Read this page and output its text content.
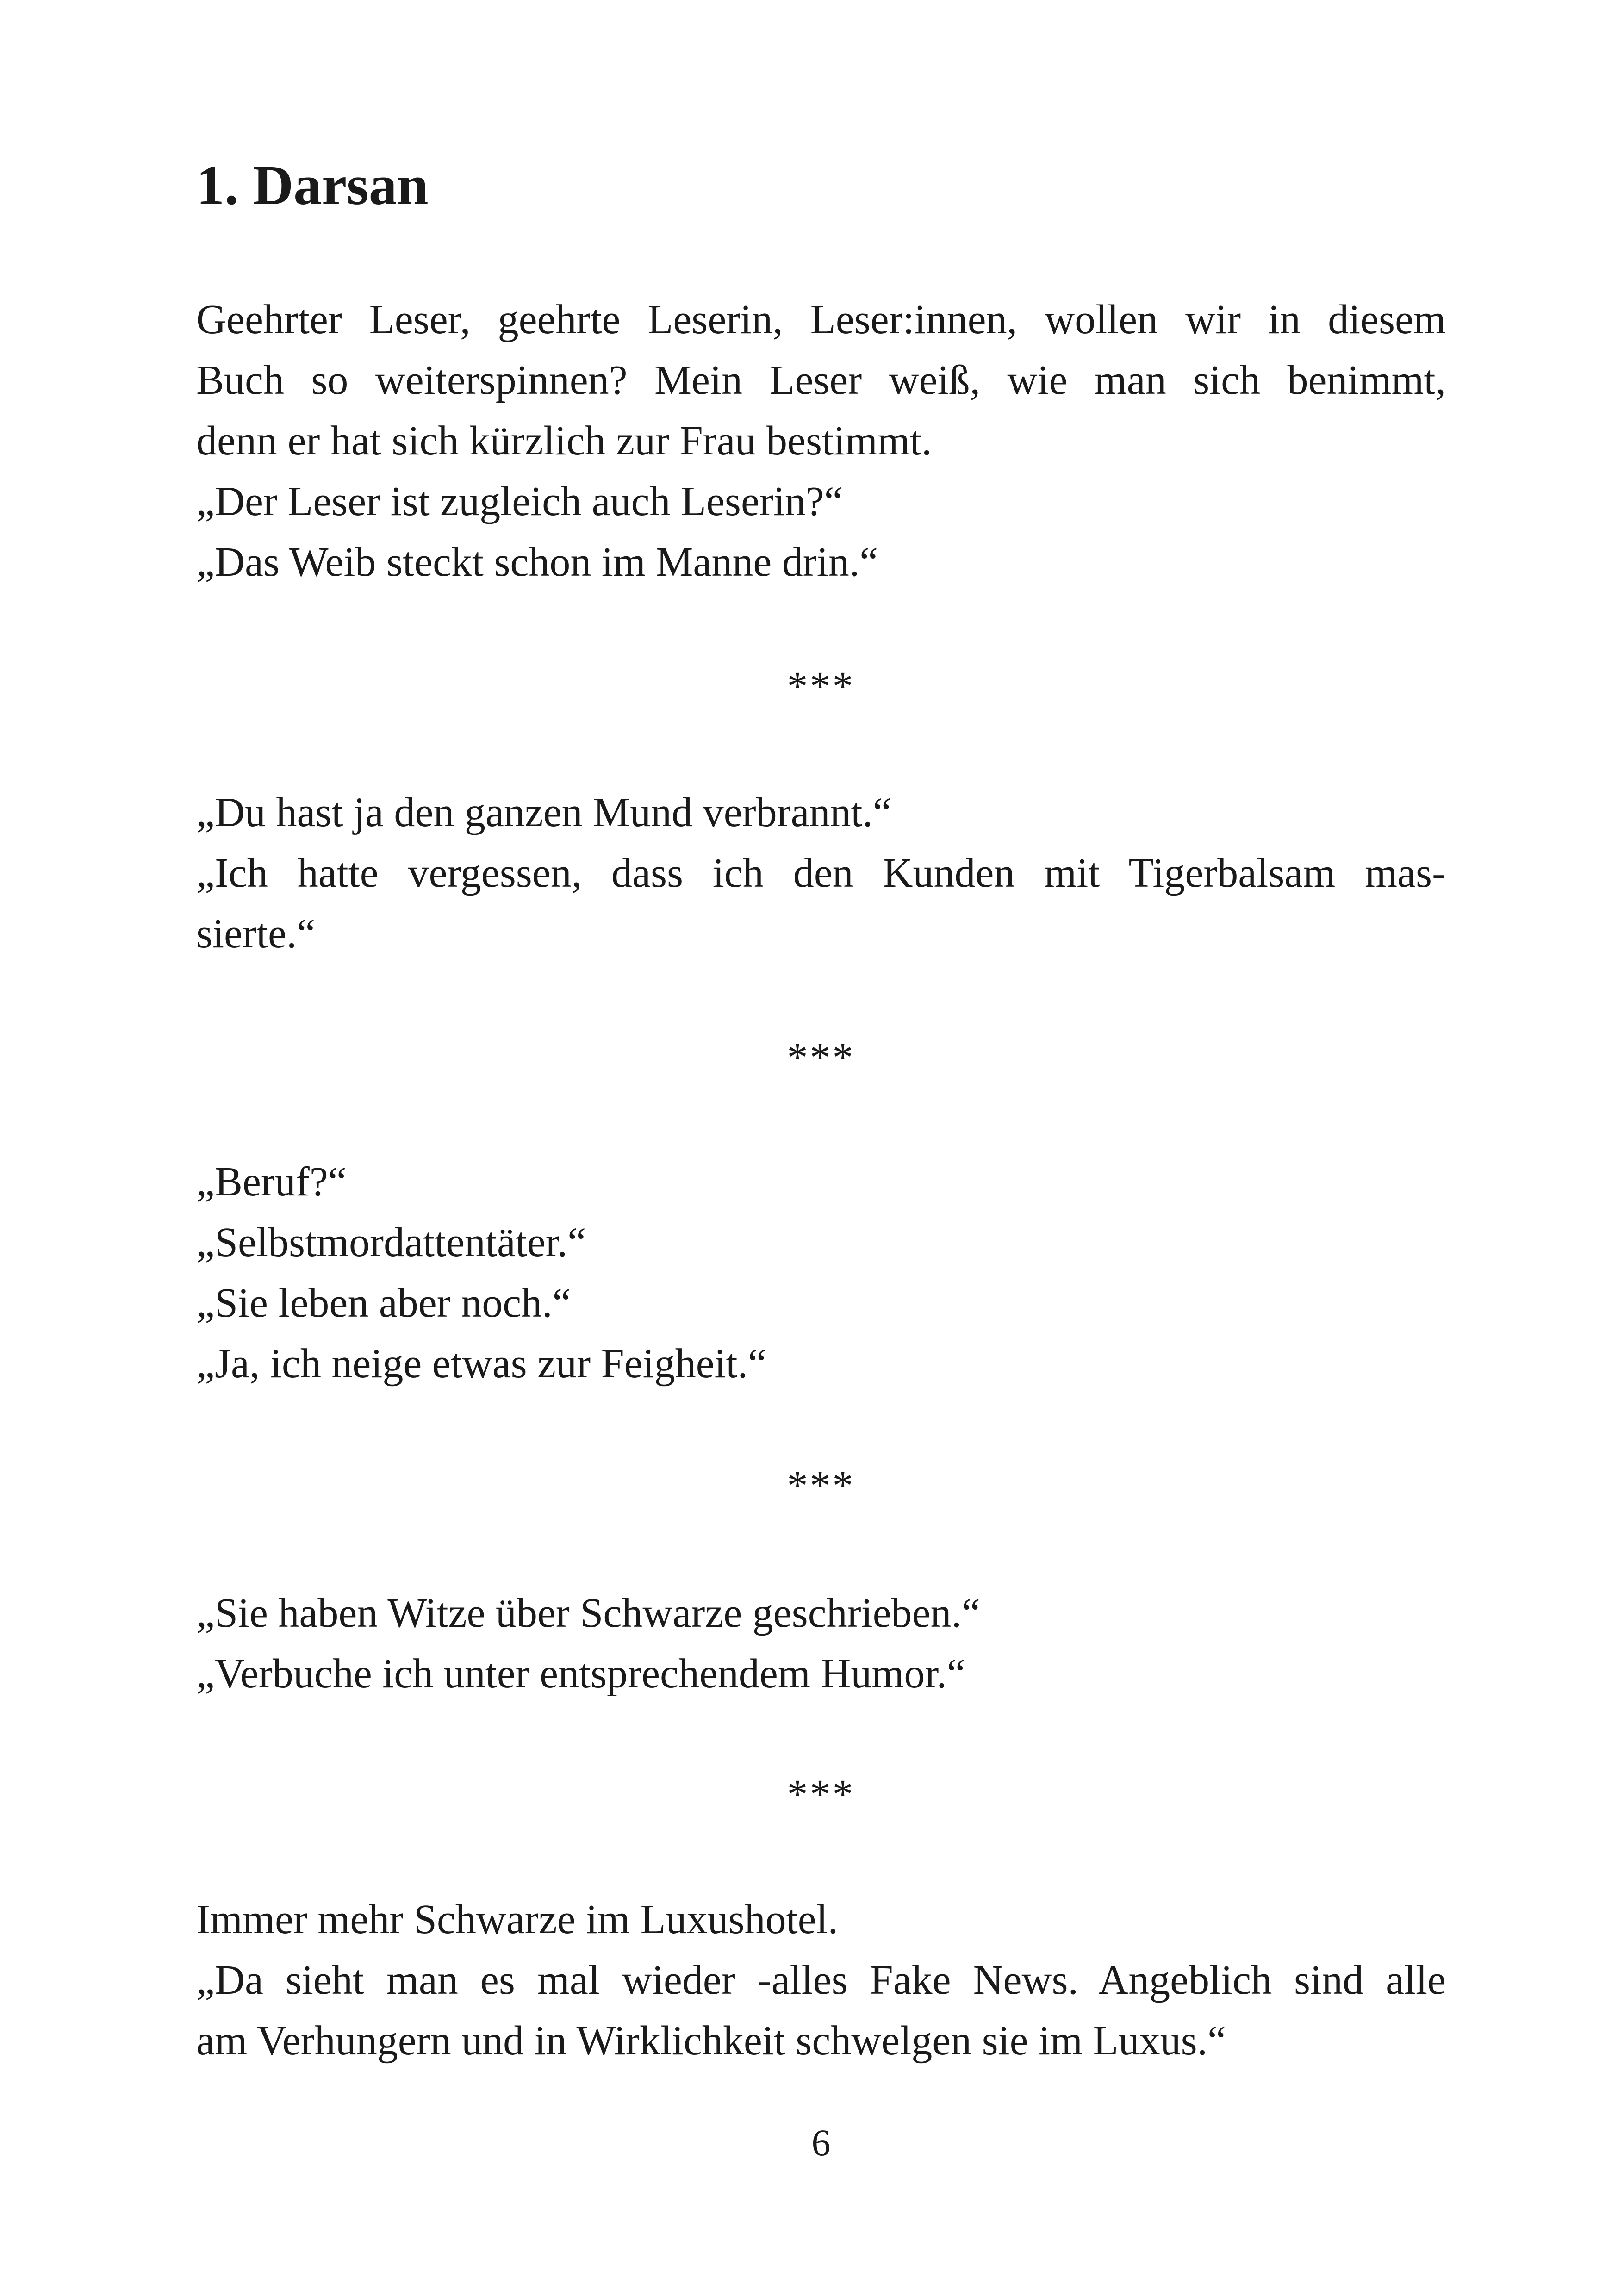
1. Darsan
Geehrter Leser, geehrte Leserin, Leser:innen, wollen wir in diesem
Buch so weiterspinnen? Mein Leser weiß, wie man sich benimmt,
denn er hat sich kürzlich zur Frau bestimmt.
„Der Leser ist zugleich auch Leserin?“
„Das Weib steckt schon im Manne drin.“
***
„Du hast ja den ganzen Mund verbrannt.“
„Ich hatte vergessen, dass ich den Kunden mit Tigerbalsam mas-
sierte.“
***
„Beruf?“
„Selbstmordattentäter.“
„Sie leben aber noch.“
„Ja, ich neige etwas zur Feigheit.“
***
„Sie haben Witze über Schwarze geschrieben.“
„Verbuche ich unter entsprechendem Humor.“
***
Immer mehr Schwarze im Luxushotel.
„Da sieht man es mal wieder -alles Fake News. Angeblich sind alle
am Verhungern und in Wirklichkeit schwelgen sie im Luxus.“
6
